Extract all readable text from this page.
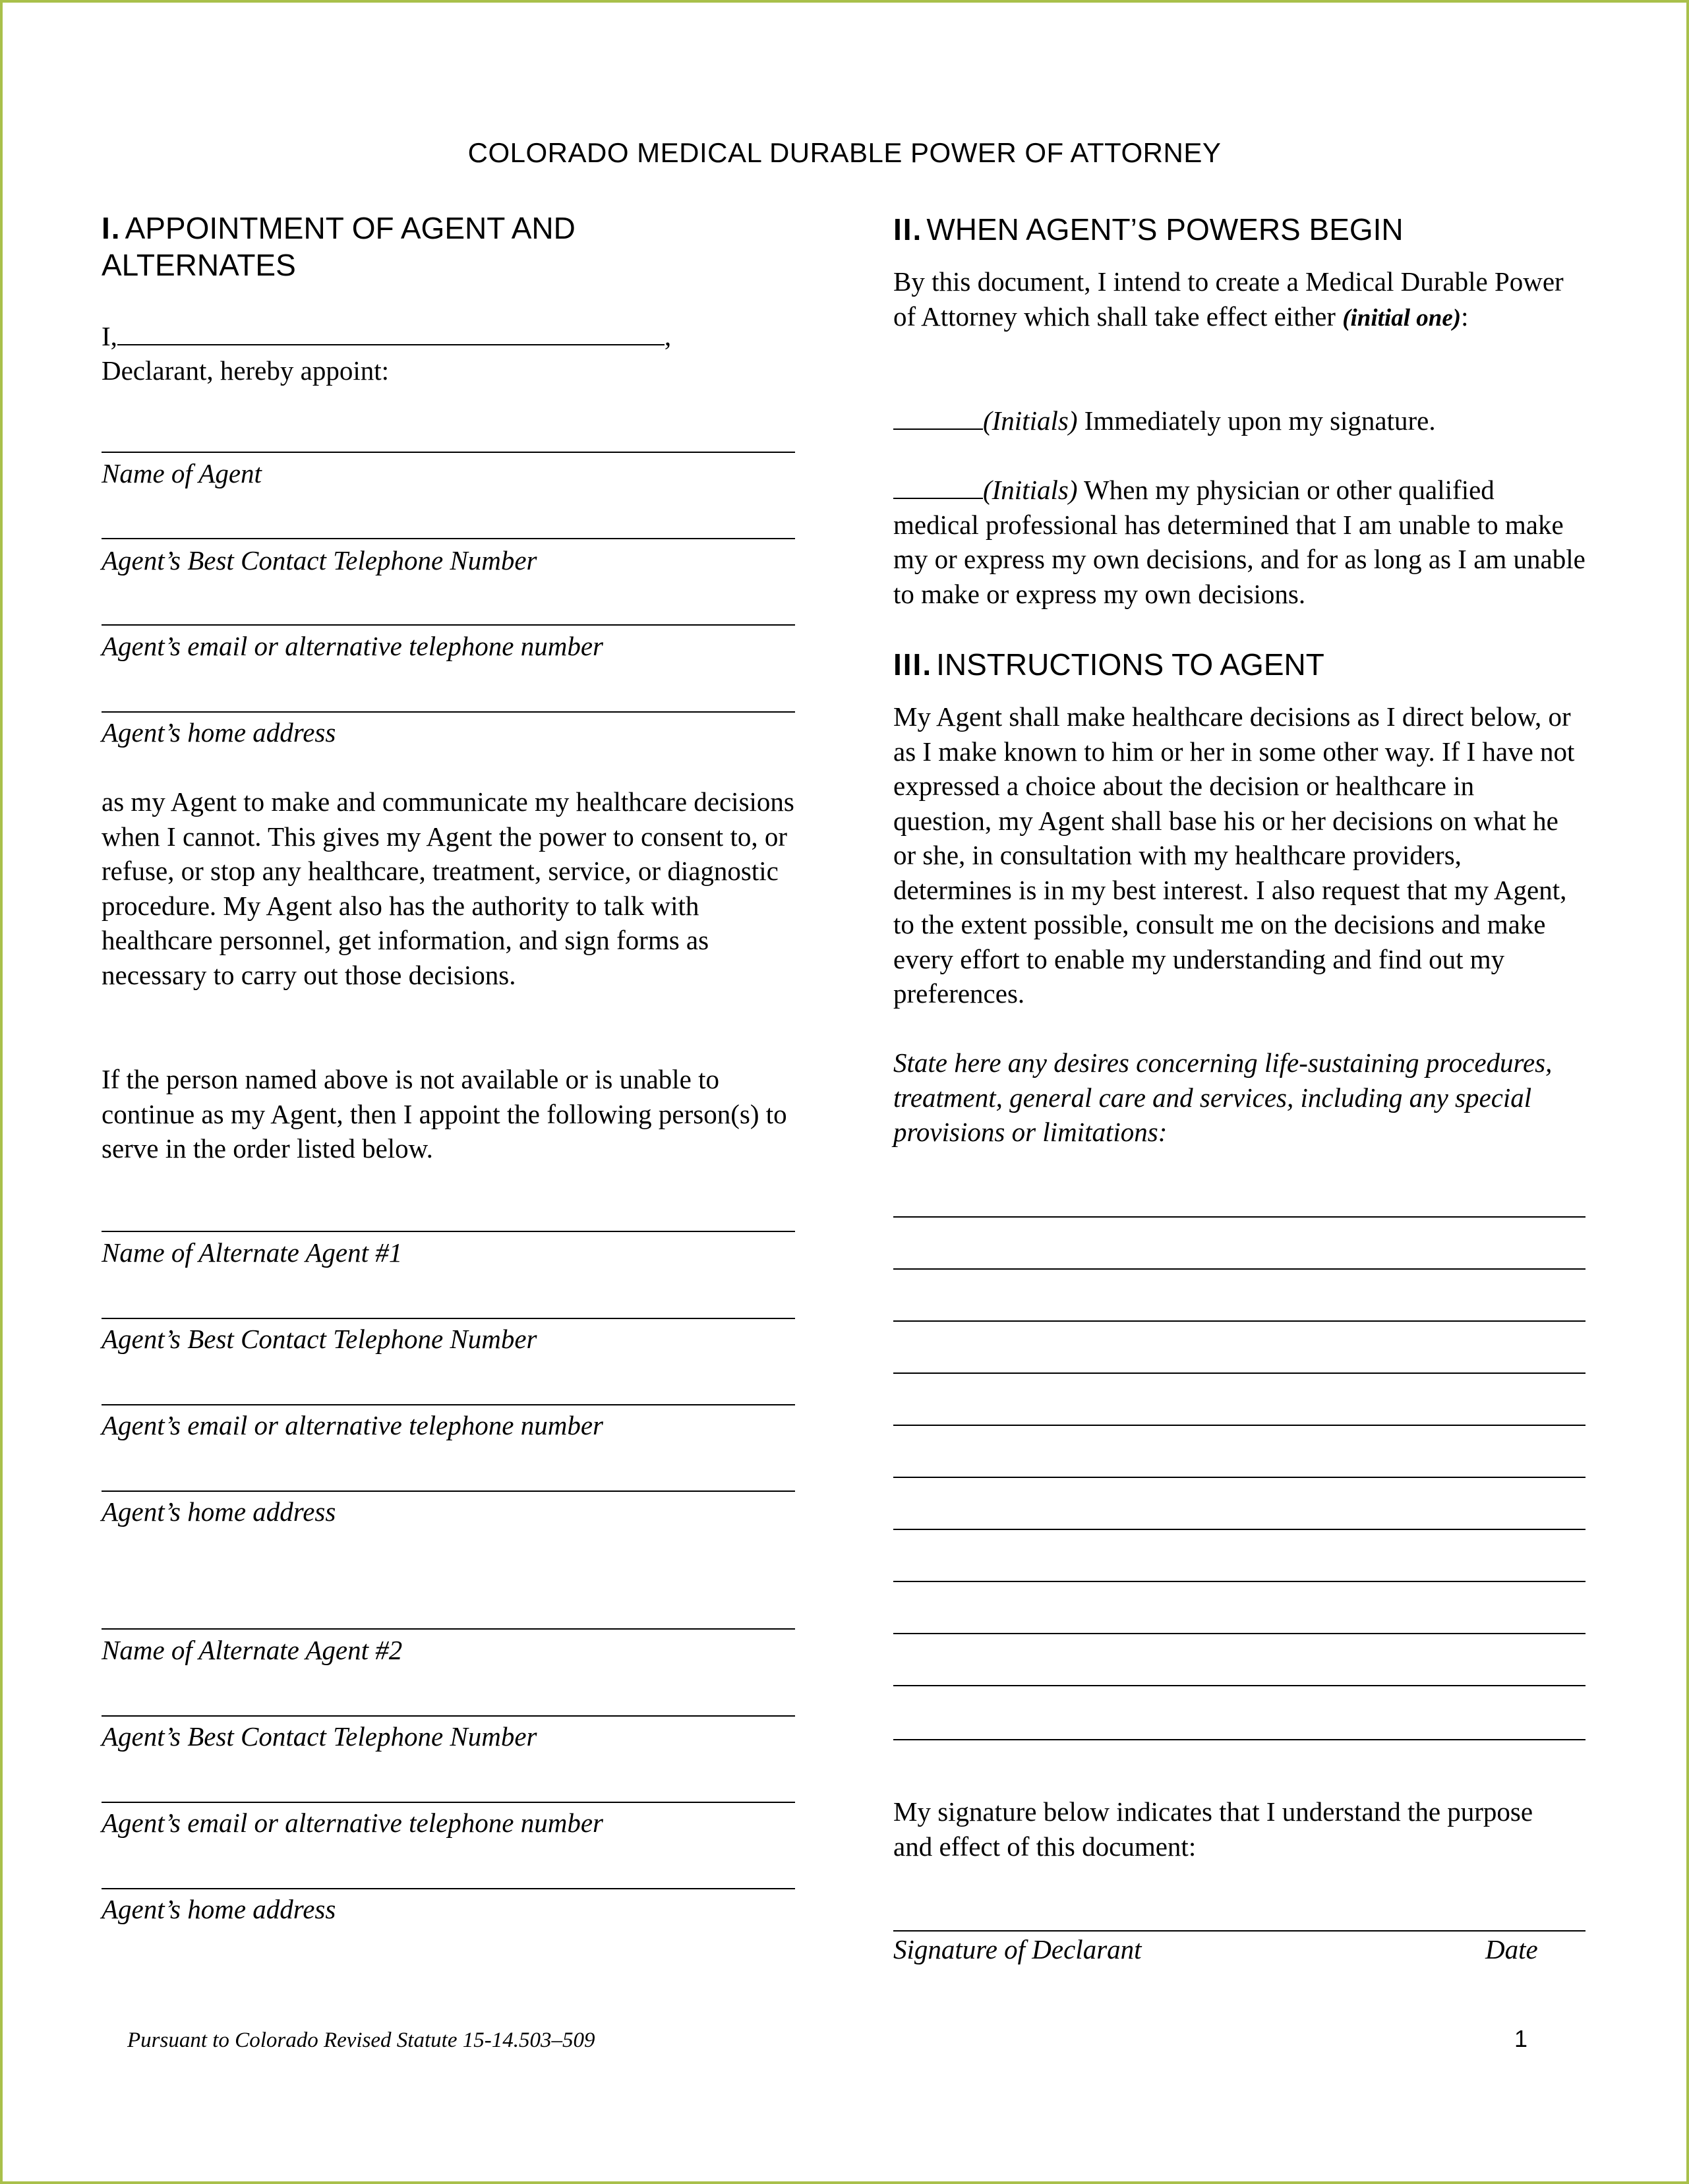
COLORADO MEDICAL DURABLE POWER OF ATTORNEY
I. APPOINTMENT OF AGENT AND ALTERNATES
I,	,
Declarant, hereby appoint:
Name of Agent
Agent’s Best Contact Telephone Number
Agent’s email or alternative telephone number
Agent’s home address
as my Agent to make and communicate my healthcare decisions when I cannot. This gives my Agent the power to consent to, or refuse, or stop any healthcare, treatment, service, or diagnostic procedure. My Agent also has the authority to talk with healthcare personnel, get information, and sign forms as necessary to carry out those decisions.
If the person named above is not available or is unable to continue as my Agent, then I appoint the following person(s) to serve in the order listed below.
Name of Alternate Agent #1
Agent’s Best Contact Telephone Number
Agent’s email or alternative telephone number
Agent’s home address
Name of Alternate Agent #2
Agent’s Best Contact Telephone Number
Agent’s email or alternative telephone number
Agent’s home address
II. WHEN AGENT’S POWERS BEGIN
By this document, I intend to create a Medical Durable Power of Attorney which shall take effect either (initial one):
(Initials) Immediately upon my signature.
(Initials) When my physician or other qualified medical professional has determined that I am unable to make my or express my own decisions, and for as long as I am unable to make or express my own decisions.
III. INSTRUCTIONS TO AGENT
My Agent shall make healthcare decisions as I direct below, or as I make known to him or her in some other way. If I have not expressed a choice about the decision or healthcare in question, my Agent shall base his or her decisions on what he or she, in consultation with my healthcare providers, determines is in my best interest. I also request that my Agent, to the extent possible, consult me on the decisions and make every effort to enable my understanding and find out my preferences.
State here any desires concerning life-sustaining procedures, treatment, general care and services, including any special provisions or limitations:
My signature below indicates that I understand the purpose and effect of this document:
Signature of Declarant	Date
Pursuant to Colorado Revised Statute 15-14.503–509	1
